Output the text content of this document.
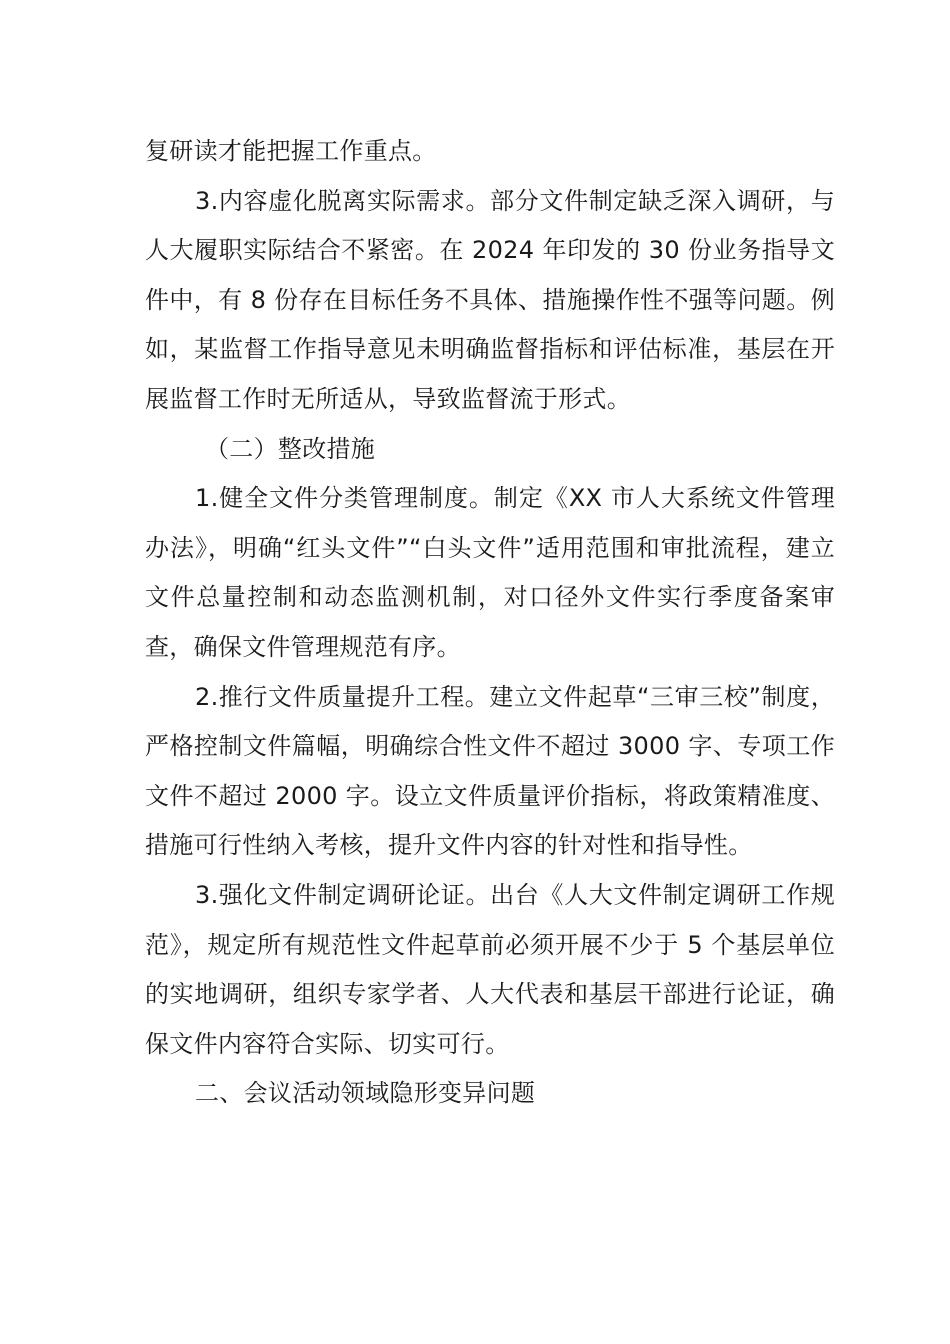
复研读才能把握工作重点。

3.内容虚化脱离实际需求。部分文件制定缺乏深入调研，与人大履职实际结合不紧密。在 2024 年印发的 30 份业务指导文件中，有 8 份存在目标任务不具体、措施操作性不强等问题。例如，某监督工作指导意见未明确监督指标和评估标准，基层在开展监督工作时无所适从，导致监督流于形式。

（二）整改措施

1.健全文件分类管理制度。制定《XX 市人大系统文件管理办法》，明确“红头文件”“白头文件”适用范围和审批流程，建立文件总量控制和动态监测机制，对口径外文件实行季度备案审查，确保文件管理规范有序。

2.推行文件质量提升工程。建立文件起草“三审三校”制度，严格控制文件篇幅，明确综合性文件不超过 3000 字、专项工作文件不超过 2000 字。设立文件质量评价指标，将政策精准度、措施可行性纳入考核，提升文件内容的针对性和指导性。

3.强化文件制定调研论证。出台《人大文件制定调研工作规范》，规定所有规范性文件起草前必须开展不少于 5 个基层单位的实地调研，组织专家学者、人大代表和基层干部进行论证，确保文件内容符合实际、切实可行。

二、会议活动领域隐形变异问题
